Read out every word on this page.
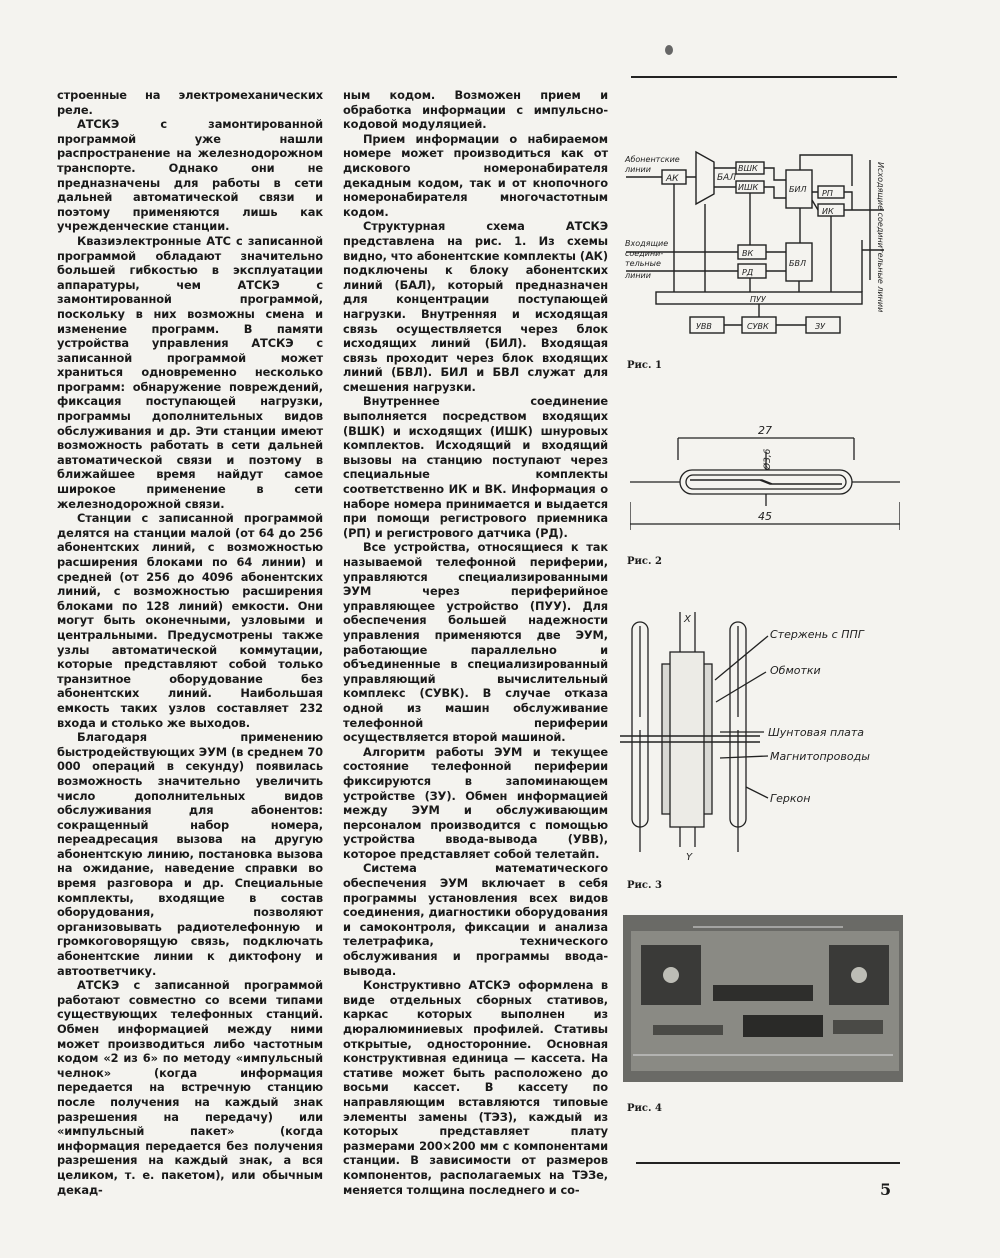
строенные на электромеханических реле.

АТСКЭ с замонтированной программой уже нашли распространение на железнодорожном транспорте. Однако они не предназначены для работы в сети дальней автоматической связи и поэтому применяются лишь как учрежденческие станции.

Квазиэлектронные АТС с записанной программой обладают значительно большей гибкостью в эксплуатации аппаратуры, чем АТСКЭ с замонтированной программой, поскольку в них возможны смена и изменение программ. В памяти устройства управления АТСКЭ с записанной программой может храниться одновременно несколько программ: обнаружение повреждений, фиксация поступающей нагрузки, программы дополнительных видов обслуживания и др. Эти станции имеют возможность работать в сети дальней автоматической связи и поэтому в ближайшее время найдут самое широкое применение в сети железнодорожной связи.

Станции с записанной программой делятся на станции малой (от 64 до 256 абонентских линий, с возможностью расширения блоками по 64 линии) и средней (от 256 до 4096 абонентских линий, с возможностью расширения блоками по 128 линий) емкости. Они могут быть оконечными, узловыми и центральными. Предусмотрены также узлы автоматической коммутации, которые представляют собой только транзитное оборудование без абонентских линий. Наибольшая емкость таких узлов составляет 232 входа и столько же выходов.

Благодаря применению быстродействующих ЭУМ (в среднем 70 000 операций в секунду) появилась возможность значительно увеличить число дополнительных видов обслуживания для абонентов: сокращенный набор номера, переадресация вызова на другую абонентскую линию, постановка вызова на ожидание, наведение справки во время разговора и др. Специальные комплекты, входящие в состав оборудования, позволяют организовывать радиотелефонную и громкоговорящую связь, подключать абонентские линии к диктофону и автоответчику.

АТСКЭ с записанной программой работают совместно со всеми типами существующих телефонных станций. Обмен информацией между ними может производиться либо частотным кодом «2 из 6» по методу «импульсный челнок» (когда информация передается на встречную станцию после получения на каждый знак разрешения на передачу) или «импульсный пакет» (когда информация передается без получения разрешения на каждый знак, а вся целиком, т. е. пакетом), или обычным декад-

ным кодом. Возможен прием и обработка информации с импульсно-кодовой модуляцией.

Прием информации о набираемом номере может производиться как от дискового номеронабирателя декадным кодом, так и от кнопочного номеронабирателя многочастотным кодом.

Структурная схема АТСКЭ представлена на рис. 1. Из схемы видно, что абонентские комплекты (АК) подключены к блоку абонентских линий (БАЛ), который предназначен для концентрации поступающей нагрузки. Внутренняя и исходящая связь осуществляется через блок исходящих линий (БИЛ). Входящая связь проходит через блок входящих линий (БВЛ). БИЛ и БВЛ служат для смешения нагрузки.

Внутреннее соединение выполняется посредством входящих (ВШК) и исходящих (ИШК) шнуровых комплектов. Исходящий и входящий вызовы на станцию поступают через специальные комплекты соответственно ИК и ВК. Информация о наборе номера принимается и выдается при помощи регистрового приемника (РП) и регистрового датчика (РД).

Все устройства, относящиеся к так называемой телефонной периферии, управляются специализированными ЭУМ через периферийное управляющее устройство (ПУУ). Для обеспечения большей надежности управления применяются две ЭУМ, работающие параллельно и объединенные в специализированный управляющий вычислительный комплекс (СУВК). В случае отказа одной из машин обслуживание телефонной периферии осуществляется второй машиной.

Алгоритм работы ЭУМ и текущее состояние телефонной периферии фиксируются в запоминающем устройстве (ЗУ). Обмен информацией между ЭУМ и обслуживающим персоналом производится с помощью устройства ввода-вывода (УВВ), которое представляет собой телетайп.

Система математического обеспечения ЭУМ включает в себя программы установления всех видов соединения, диагностики оборудования и самоконтроля, фиксации и анализа телетрафика, технического обслуживания и программы ввода-вывода.

Конструктивно АТСКЭ оформлена в виде отдельных сборных стативов, каркас которых выполнен из дюралюминиевых профилей. Стативы открытые, односторонние. Основная конструктивная единица — кассета. На стативе может быть расположено до восьми кассет. В кассету по направляющим вставляются типовые элементы замены (ТЭЗ), каждый из которых представляет плату размерами 200×200 мм с компонентами станции. В зависимости от размеров компонентов, располагаемых на ТЭЗе, меняется толщина последнего и со-

АК	БАЛ
ВШК
ИШК	БИЛ РП
ИК
ВК
РД
БВЛ
ПУУ
УВВ	СУВК	ЗУ
Абонентские
линии
Входящие
соедини-
тельные
линии	Исходящие соединительные линии
Рис. 1
27
45
Ø3,6
Рис. 2
X
Y
Стержень с ППГ
Обмотки
Шунтовая плата
Магнитопроводы
Геркон
Рис. 3
Рис. 4
5
